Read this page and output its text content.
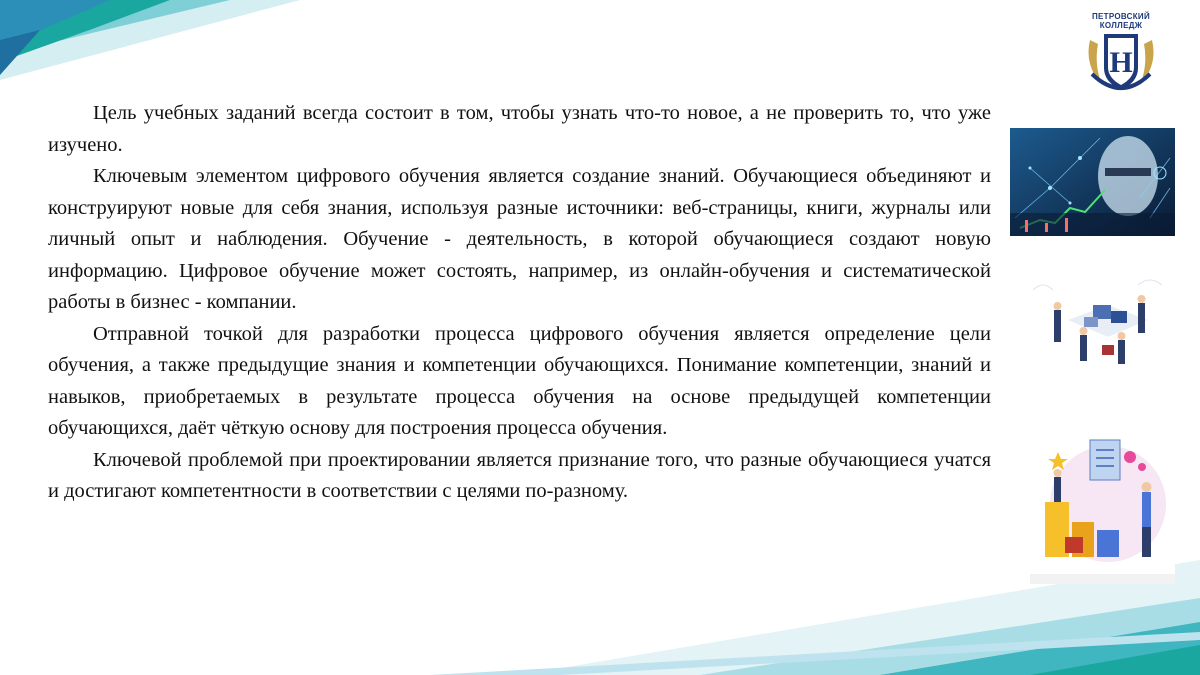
ПЕТРОВСКИЙ
КОЛЛЕДЖ
Н

Цель учебных заданий всегда состоит в том, чтобы узнать что-то новое, а не проверить то, что уже изучено.

Ключевым элементом цифрового обучения является создание знаний. Обучающиеся объединяют и конструируют новые для себя знания, используя разные источники: веб-страницы, книги, журналы или личный опыт и наблюдения. Обучение - деятельность, в которой обучающиеся создают новую информацию. Цифровое обучение может состоять, например, из онлайн-обучения и систематической работы в бизнес - компании.

Отправной точкой для разработки процесса цифрового обучения является определение цели обучения, а также предыдущие знания и компетенции обучающихся. Понимание компетенции, знаний и навыков, приобретаемых в результате процесса обучения на основе предыдущей компетенции обучающихся, даёт чёткую основу для построения процесса обучения.

Ключевой проблемой при проектировании является признание того, что разные обучающиеся учатся и достигают компетентности в соответствии с целями по-разному.
